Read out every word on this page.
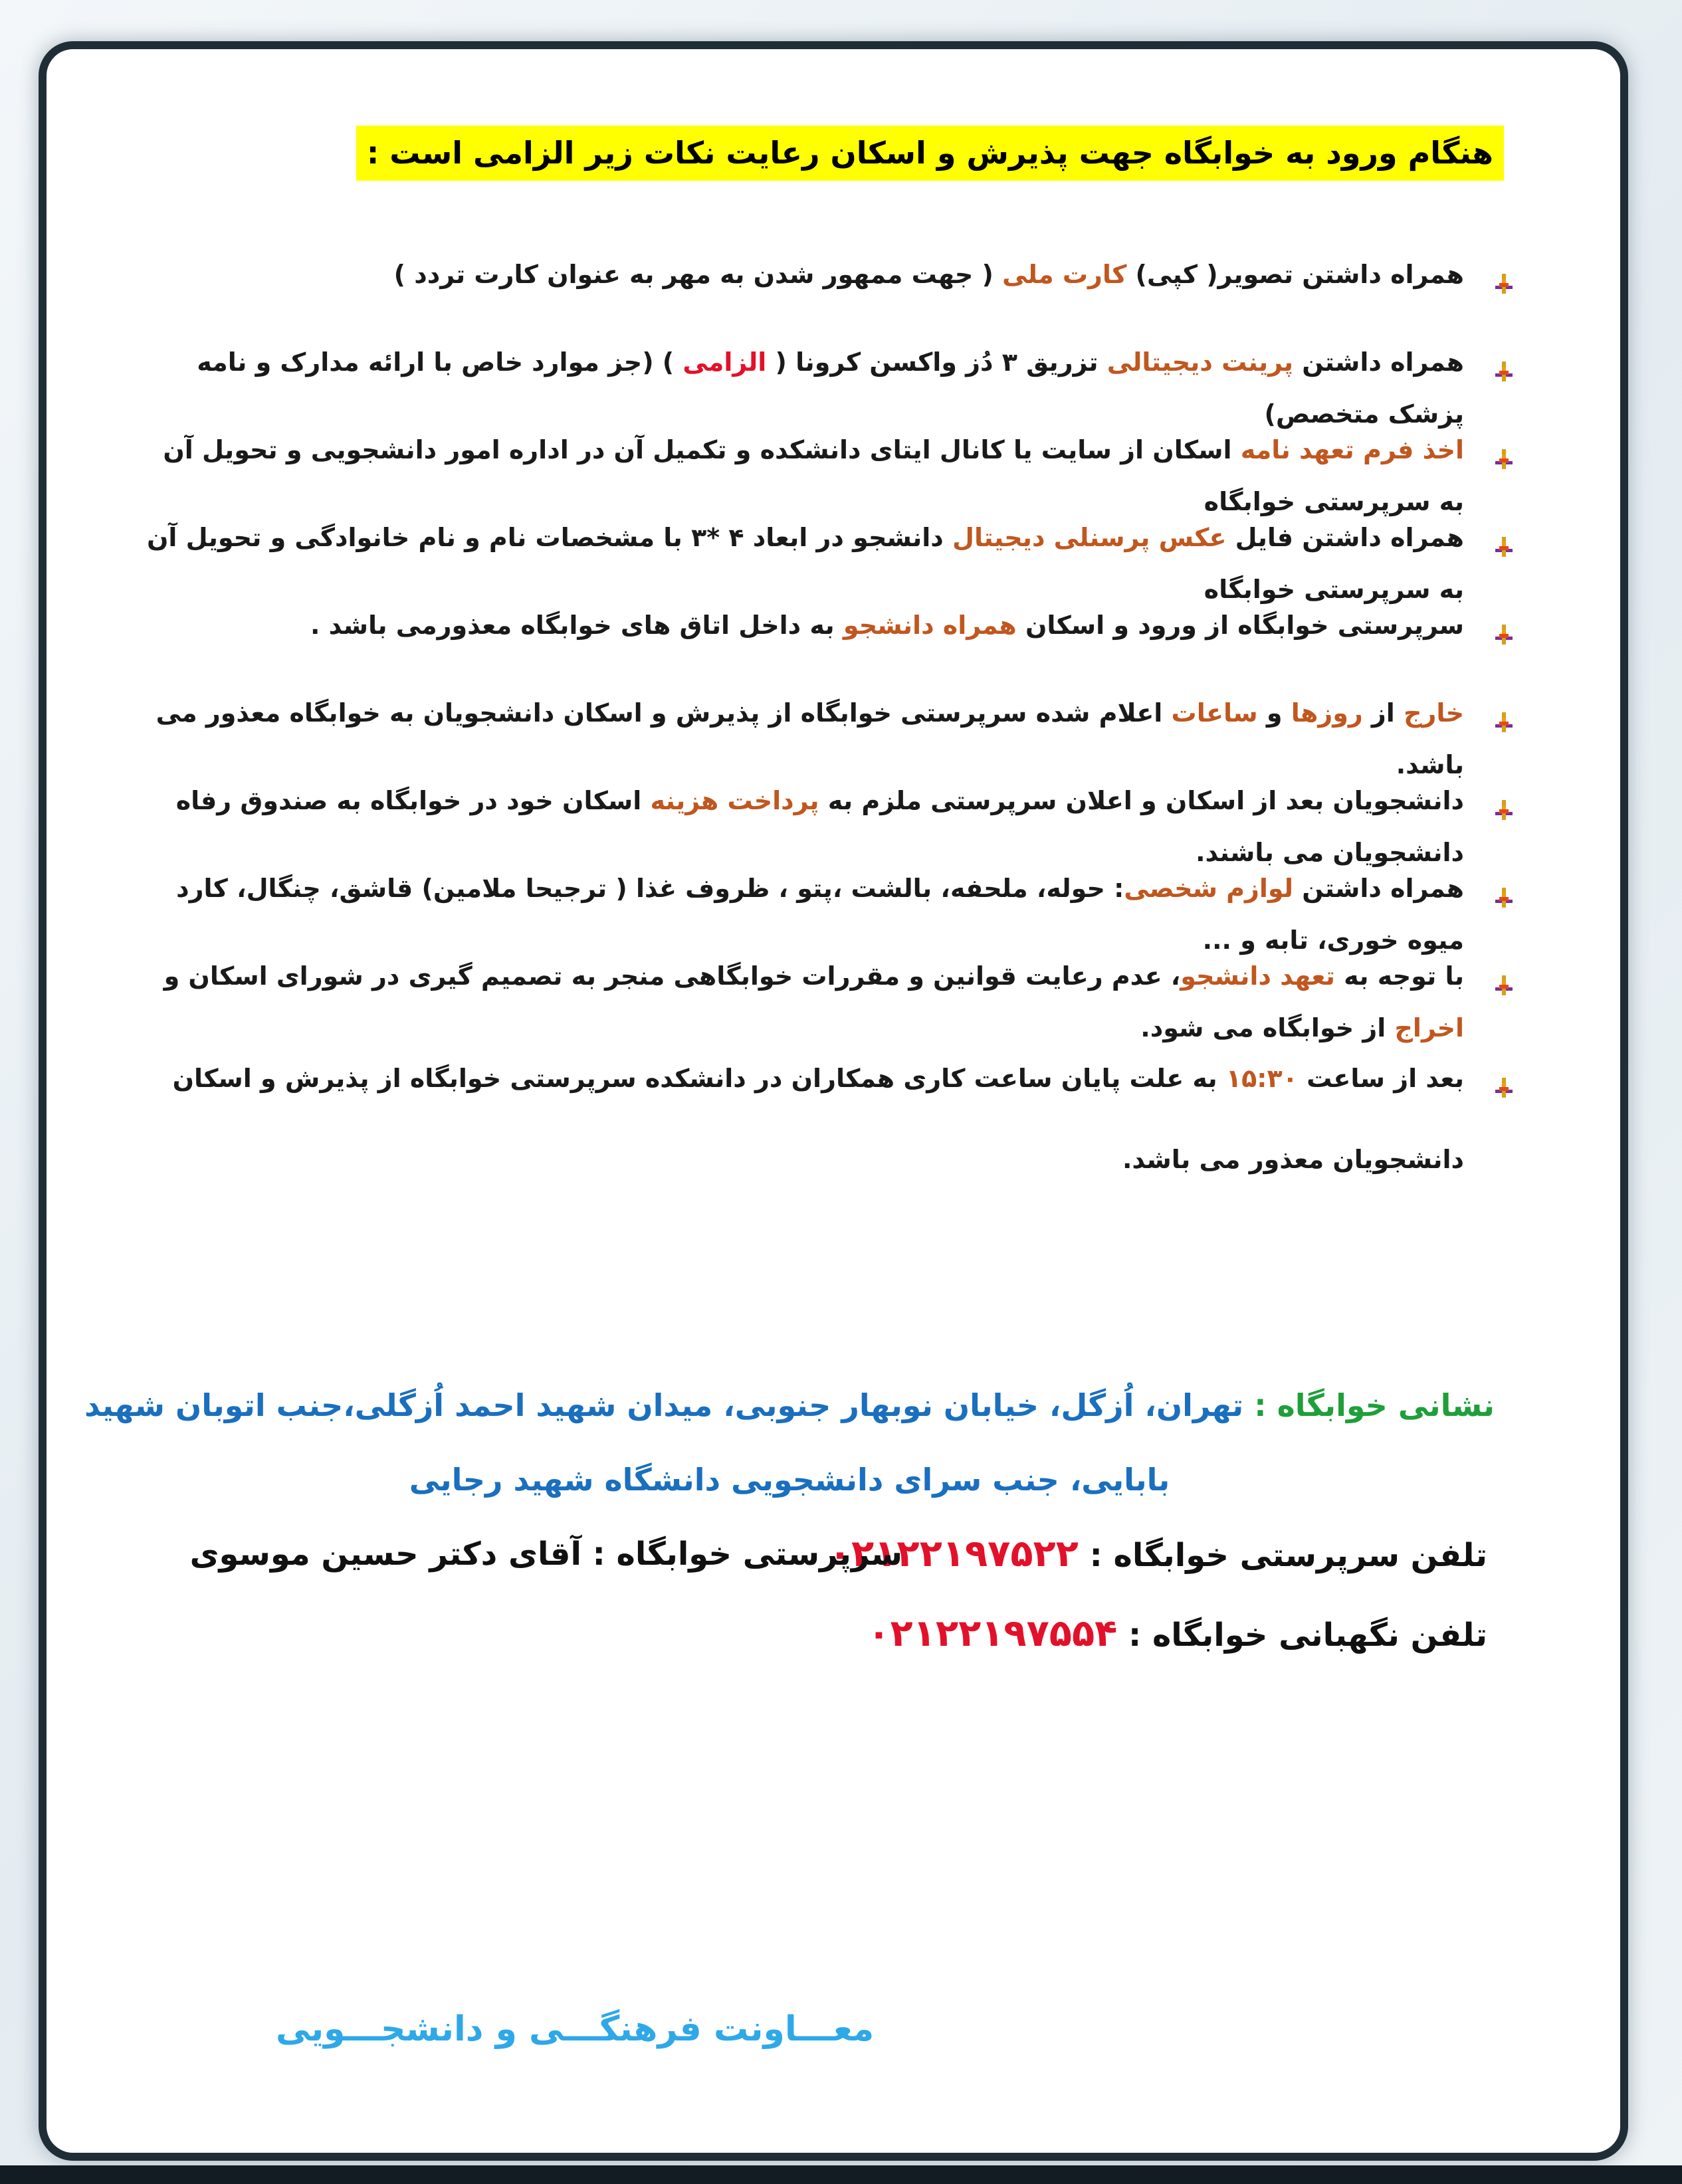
هنگام ورود به خوابگاه جهت پذیرش و اسکان رعایت نکات زیر الزامی است :
همراه داشتن تصویر( کپی) کارت ملی ( جهت ممهور شدن به مهر به عنوان کارت تردد )
همراه داشتن پرینت دیجیتالی تزریق ۳ دُز واکسن کرونا ( الزامی ) (جز موارد خاص با ارائه مدارک و نامه پزشک متخصص)
اخذ فرم تعهد نامه اسکان از سایت یا کانال ایتای دانشکده و تکمیل آن در اداره امور دانشجویی و تحویل آن به سرپرستی خوابگاه
همراه داشتن فایل عکس پرسنلی دیجیتال دانشجو در ابعاد ۴ *۳ با مشخصات نام و نام خانوادگی و تحویل آن به سرپرستی خوابگاه
سرپرستی خوابگاه از ورود و اسکان همراه دانشجو به داخل اتاق های خوابگاه معذورمی باشد .
خارج از روزها و ساعات اعلام شده سرپرستی خوابگاه از پذیرش و اسکان دانشجویان به خوابگاه معذور می باشد.
دانشجویان بعد از اسکان و اعلان سرپرستی ملزم به پرداخت هزینه اسکان خود در خوابگاه به صندوق رفاه دانشجویان می باشند.
همراه داشتن لوازم شخصی: حوله، ملحفه، بالشت ،پتو ، ظروف غذا ( ترجیحا ملامین) قاشق، چنگال، کارد میوه خوری، تابه و ...
با توجه به تعهد دانشجو، عدم رعایت قوانین و مقررات خوابگاهی منجر به تصمیم گیری در شورای اسکان و اخراج از خوابگاه می شود.
بعد از ساعت ۱۵:۳۰ به علت پایان ساعت کاری همکاران در دانشکده سرپرستی خوابگاه از پذیرش و اسکان دانشجویان معذور می باشد.
نشانی خوابگاه : تهران، اُزگل، خیابان نوبهار جنوبی، میدان شهید احمد اُزگلی،جنب اتوبان شهید بابایی، جنب سرای دانشجویی دانشگاه شهید رجایی
تلفن سرپرستی خوابگاه : ۰۲۱۲۲۱۹۷۵۲۲
سرپرستی خوابگاه : آقای دکتر حسین موسوی
تلفن نگهبانی خوابگاه : ۰۲۱۲۲۱۹۷۵۵۴
معـــاونت فرهنگـــی و دانشجـــویی
